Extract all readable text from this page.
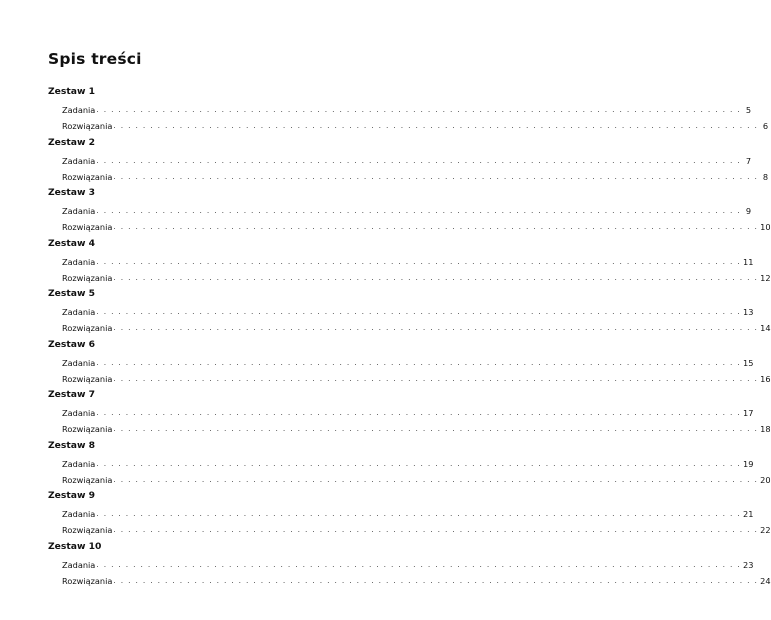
Spis treści
Zestaw 1
Zadania . . . . . . . . . . . . . . . . . . . . . . . . . . . . . . . . . . . . . . . . . . . . . . . . . . . . . . . . . . . . . . . . . . . . . . . . . . . . . . . . . . . . . . . . 5
Rozwiązania . . . . . . . . . . . . . . . . . . . . . . . . . . . . . . . . . . . . . . . . . . . . . . . . . . . . . . . . . . . . . . . . . . . . . . . . . . . . . . . . . . . . . . . . 6
Zestaw 2
Zadania . . . . . . . . . . . . . . . . . . . . . . . . . . . . . . . . . . . . . . . . . . . . . . . . . . . . . . . . . . . . . . . . . . . . . . . . . . . . . . . . . . . . . . . . 7
Rozwiązania . . . . . . . . . . . . . . . . . . . . . . . . . . . . . . . . . . . . . . . . . . . . . . . . . . . . . . . . . . . . . . . . . . . . . . . . . . . . . . . . . . . . . . . . 8
Zestaw 3
Zadania . . . . . . . . . . . . . . . . . . . . . . . . . . . . . . . . . . . . . . . . . . . . . . . . . . . . . . . . . . . . . . . . . . . . . . . . . . . . . . . . . . . . . . . . 9
Rozwiązania . . . . . . . . . . . . . . . . . . . . . . . . . . . . . . . . . . . . . . . . . . . . . . . . . . . . . . . . . . . . . . . . . . . . . . . . . . . . . . . . . . . . . . . . 10
Zestaw 4
Zadania . . . . . . . . . . . . . . . . . . . . . . . . . . . . . . . . . . . . . . . . . . . . . . . . . . . . . . . . . . . . . . . . . . . . . . . . . . . . . . . . . . . . . . . . 11
Rozwiązania . . . . . . . . . . . . . . . . . . . . . . . . . . . . . . . . . . . . . . . . . . . . . . . . . . . . . . . . . . . . . . . . . . . . . . . . . . . . . . . . . . . . . . . . 12
Zestaw 5
Zadania . . . . . . . . . . . . . . . . . . . . . . . . . . . . . . . . . . . . . . . . . . . . . . . . . . . . . . . . . . . . . . . . . . . . . . . . . . . . . . . . . . . . . . . . 13
Rozwiązania . . . . . . . . . . . . . . . . . . . . . . . . . . . . . . . . . . . . . . . . . . . . . . . . . . . . . . . . . . . . . . . . . . . . . . . . . . . . . . . . . . . . . . . . 14
Zestaw 6
Zadania . . . . . . . . . . . . . . . . . . . . . . . . . . . . . . . . . . . . . . . . . . . . . . . . . . . . . . . . . . . . . . . . . . . . . . . . . . . . . . . . . . . . . . . . 15
Rozwiązania . . . . . . . . . . . . . . . . . . . . . . . . . . . . . . . . . . . . . . . . . . . . . . . . . . . . . . . . . . . . . . . . . . . . . . . . . . . . . . . . . . . . . . . . 16
Zestaw 7
Zadania . . . . . . . . . . . . . . . . . . . . . . . . . . . . . . . . . . . . . . . . . . . . . . . . . . . . . . . . . . . . . . . . . . . . . . . . . . . . . . . . . . . . . . . . 17
Rozwiązania . . . . . . . . . . . . . . . . . . . . . . . . . . . . . . . . . . . . . . . . . . . . . . . . . . . . . . . . . . . . . . . . . . . . . . . . . . . . . . . . . . . . . . . . 18
Zestaw 8
Zadania . . . . . . . . . . . . . . . . . . . . . . . . . . . . . . . . . . . . . . . . . . . . . . . . . . . . . . . . . . . . . . . . . . . . . . . . . . . . . . . . . . . . . . . . 19
Rozwiązania . . . . . . . . . . . . . . . . . . . . . . . . . . . . . . . . . . . . . . . . . . . . . . . . . . . . . . . . . . . . . . . . . . . . . . . . . . . . . . . . . . . . . . . . 20
Zestaw 9
Zadania . . . . . . . . . . . . . . . . . . . . . . . . . . . . . . . . . . . . . . . . . . . . . . . . . . . . . . . . . . . . . . . . . . . . . . . . . . . . . . . . . . . . . . . . 21
Rozwiązania . . . . . . . . . . . . . . . . . . . . . . . . . . . . . . . . . . . . . . . . . . . . . . . . . . . . . . . . . . . . . . . . . . . . . . . . . . . . . . . . . . . . . . . . 22
Zestaw 10
Zadania . . . . . . . . . . . . . . . . . . . . . . . . . . . . . . . . . . . . . . . . . . . . . . . . . . . . . . . . . . . . . . . . . . . . . . . . . . . . . . . . . . . . . . . . 23
Rozwiązania . . . . . . . . . . . . . . . . . . . . . . . . . . . . . . . . . . . . . . . . . . . . . . . . . . . . . . . . . . . . . . . . . . . . . . . . . . . . . . . . . . . . . . . . 24
